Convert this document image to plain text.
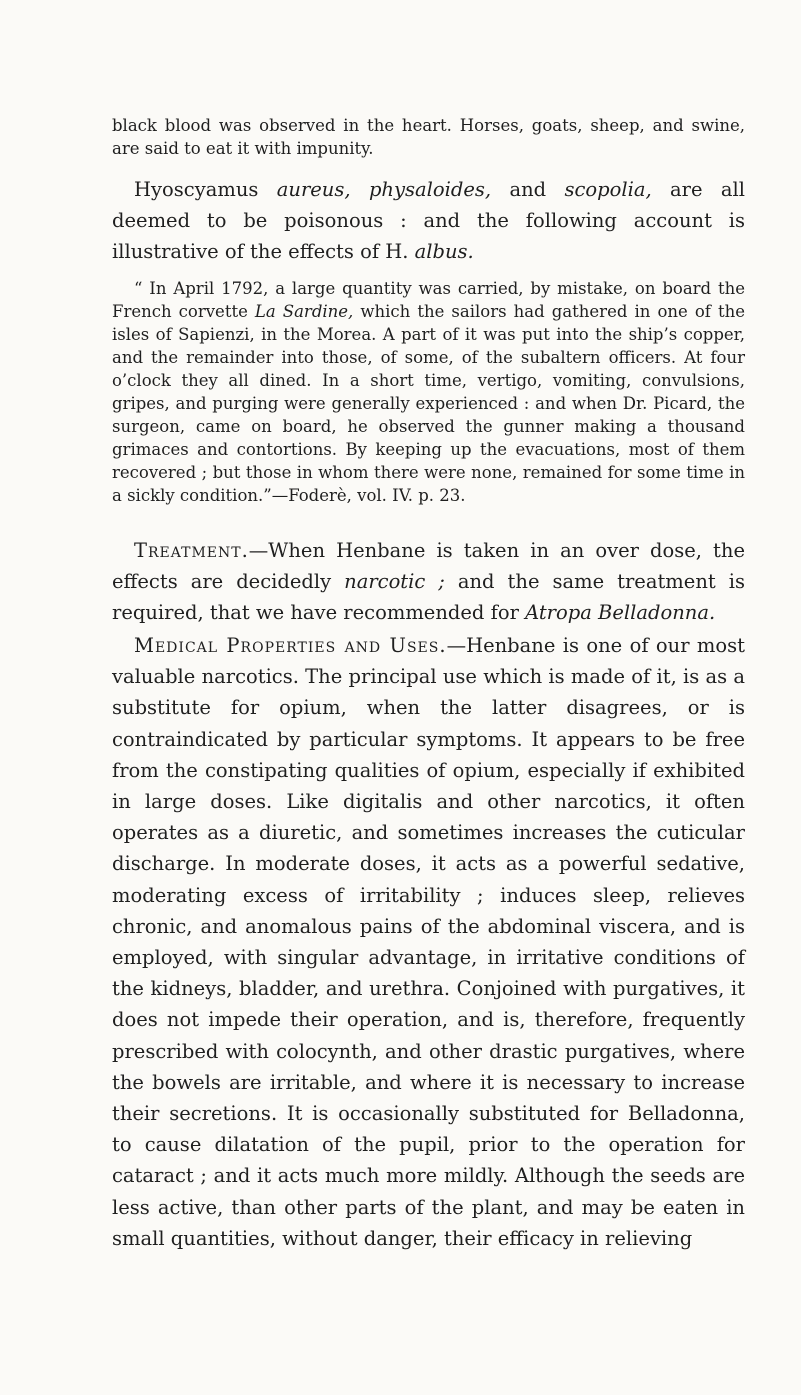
black blood was observed in the heart. Horses, goats, sheep, and swine, are said to eat it with impunity.

Hyoscyamus aureus, physaloides, and scopolia, are all deemed to be poisonous : and the following account is illustrative of the effects of H. albus.

“ In April 1792, a large quantity was carried, by mistake, on board the French corvette La Sardine, which the sailors had gathered in one of the isles of Sapienzi, in the Morea. A part of it was put into the ship’s copper, and the remainder into those, of some, of the subaltern officers. At four o’clock they all dined. In a short time, vertigo, vomiting, convulsions, gripes, and purging were generally experienced : and when Dr. Picard, the surgeon, came on board, he observed the gunner making a thousand grimaces and contortions. By keeping up the evacuations, most of them recovered ; but those in whom there were none, remained for some time in a sickly condition.”—Foderè, vol. IV. p. 23.

Treatment.—When Henbane is taken in an over dose, the effects are decidedly narcotic ; and the same treatment is required, that we have recommended for Atropa Belladonna.

Medical Properties and Uses.—Henbane is one of our most valuable narcotics. The principal use which is made of it, is as a substitute for opium, when the latter disagrees, or is contraindicated by particular symptoms. It appears to be free from the constipating qualities of opium, especially if exhibited in large doses. Like digitalis and other narcotics, it often operates as a diuretic, and sometimes increases the cuticular discharge. In moderate doses, it acts as a powerful sedative, moderating excess of irritability ; induces sleep, relieves chronic, and anomalous pains of the abdominal viscera, and is employed, with singular advantage, in irritative conditions of the kidneys, bladder, and urethra. Conjoined with purgatives, it does not impede their operation, and is, therefore, frequently prescribed with colocynth, and other drastic purgatives, where the bowels are irritable, and where it is necessary to increase their secretions. It is occasionally substituted for Belladonna, to cause dilatation of the pupil, prior to the operation for cataract ; and it acts much more mildly. Although the seeds are less active, than other parts of the plant, and may be eaten in small quantities, without danger, their efficacy in relieving
